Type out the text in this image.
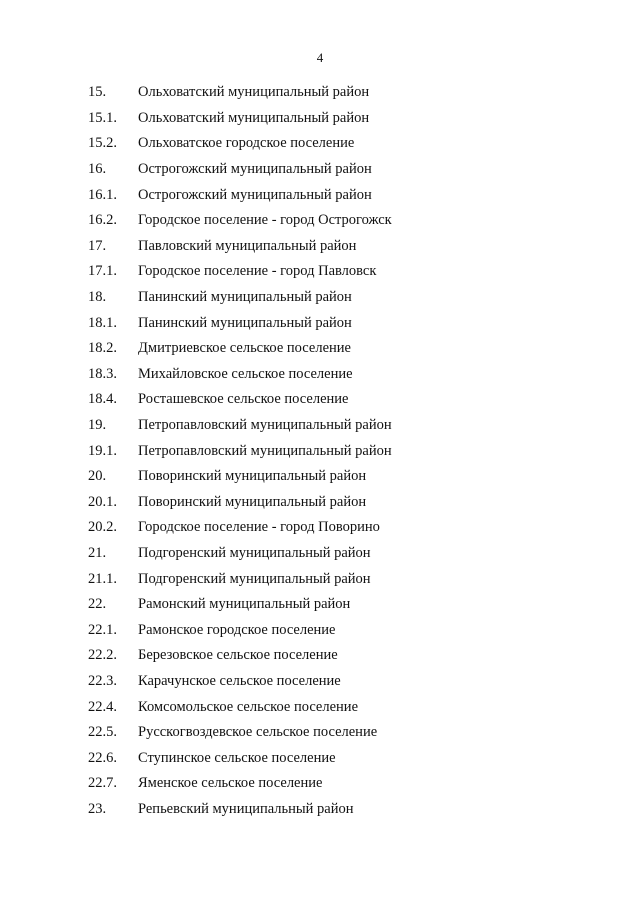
4
15.	Ольховатский муниципальный район
15.1.	Ольховатский муниципальный район
15.2.	Ольховатское городское поселение
16.	Острогожский муниципальный район
16.1.	Острогожский муниципальный район
16.2.	Городское поселение - город Острогожск
17.	Павловский муниципальный район
17.1.	Городское поселение - город Павловск
18.	Панинский муниципальный район
18.1.	Панинский муниципальный район
18.2.	Дмитриевское сельское поселение
18.3.	Михайловское сельское поселение
18.4.	Росташевское сельское поселение
19.	Петропавловский муниципальный район
19.1.	Петропавловский муниципальный район
20.	Поворинский муниципальный район
20.1.	Поворинский муниципальный район
20.2.	Городское поселение - город Поворино
21.	Подгоренский муниципальный район
21.1.	Подгоренский муниципальный район
22.	Рамонский муниципальный район
22.1.	Рамонское городское поселение
22.2.	Березовское сельское поселение
22.3.	Карачунское сельское поселение
22.4.	Комсомольское сельское поселение
22.5.	Русскогвоздевское сельское поселение
22.6.	Ступинское сельское поселение
22.7.	Яменское сельское поселение
23.	Репьевский муниципальный район
